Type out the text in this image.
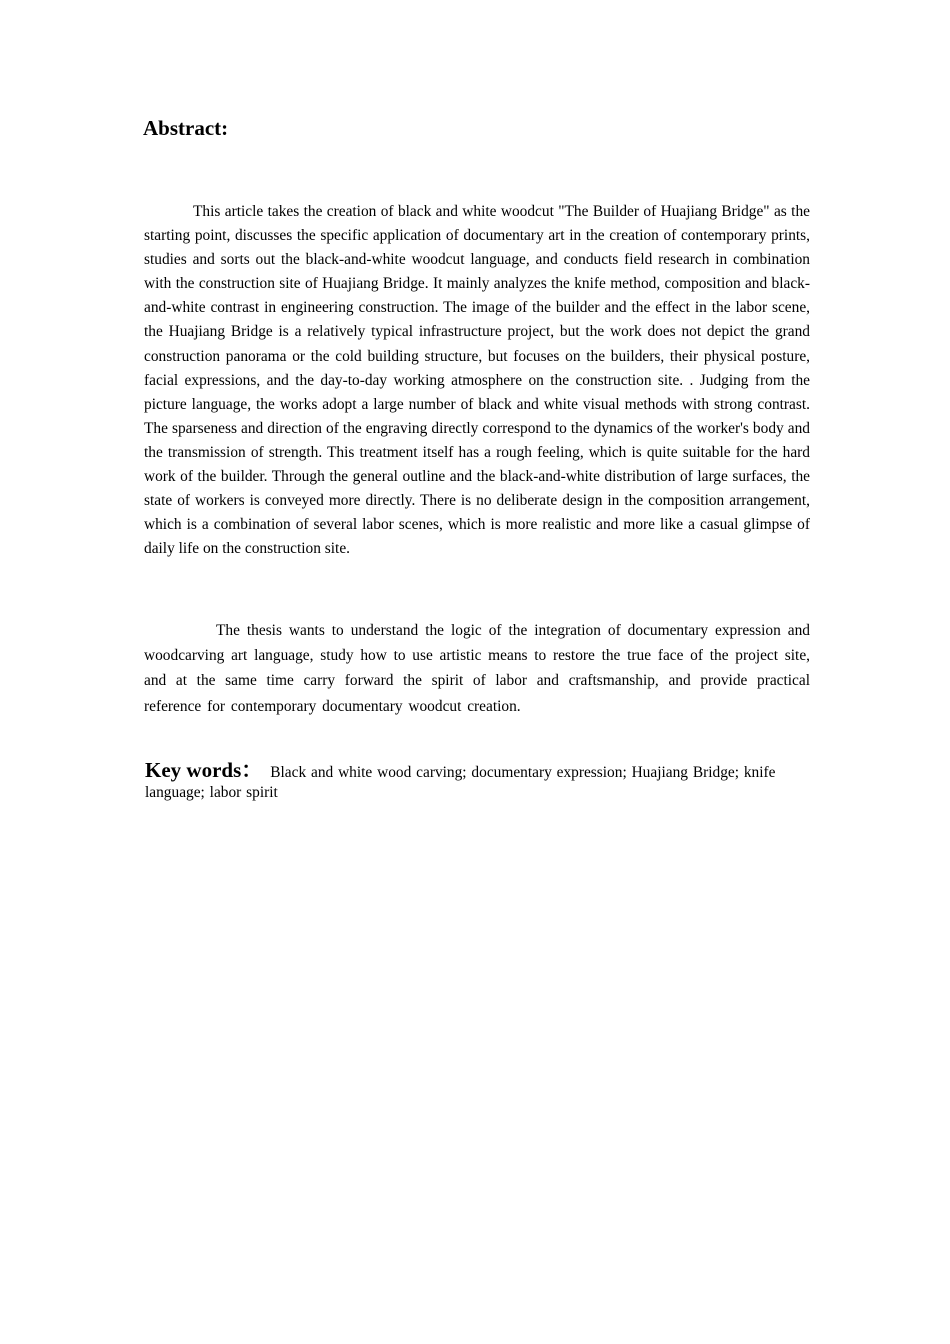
Abstract:

This article takes the creation of black and white woodcut "The Builder of Huajiang Bridge" as the starting point, discusses the specific application of documentary art in the creation of contemporary prints, studies and sorts out the black-and-white woodcut language, and conducts field research in combination with the construction site of Huajiang Bridge. It mainly analyzes the knife method, composition and black-and-white contrast in engineering construction. The image of the builder and the effect in the labor scene, the Huajiang Bridge is a relatively typical infrastructure project, but the work does not depict the grand construction panorama or the cold building structure, but focuses on the builders, their physical posture, facial expressions, and the day-to-day working atmosphere on the construction site. . Judging from the picture language, the works adopt a large number of black and white visual methods with strong contrast. The sparseness and direction of the engraving directly correspond to the dynamics of the worker's body and the transmission of strength. This treatment itself has a rough feeling, which is quite suitable for the hard work of the builder. Through the general outline and the black-and-white distribution of large surfaces, the state of workers is conveyed more directly. There is no deliberate design in the composition arrangement, which is a combination of several labor scenes, which is more realistic and more like a casual glimpse of daily life on the construction site.

The thesis wants to understand the logic of the integration of documentary expression and woodcarving art language, study how to use artistic means to restore the true face of the project site, and at the same time carry forward the spirit of labor and craftsmanship, and provide practical reference for contemporary documentary woodcut creation.

Key words： Black and white wood carving; documentary expression; Huajiang Bridge; knife language; labor spirit
